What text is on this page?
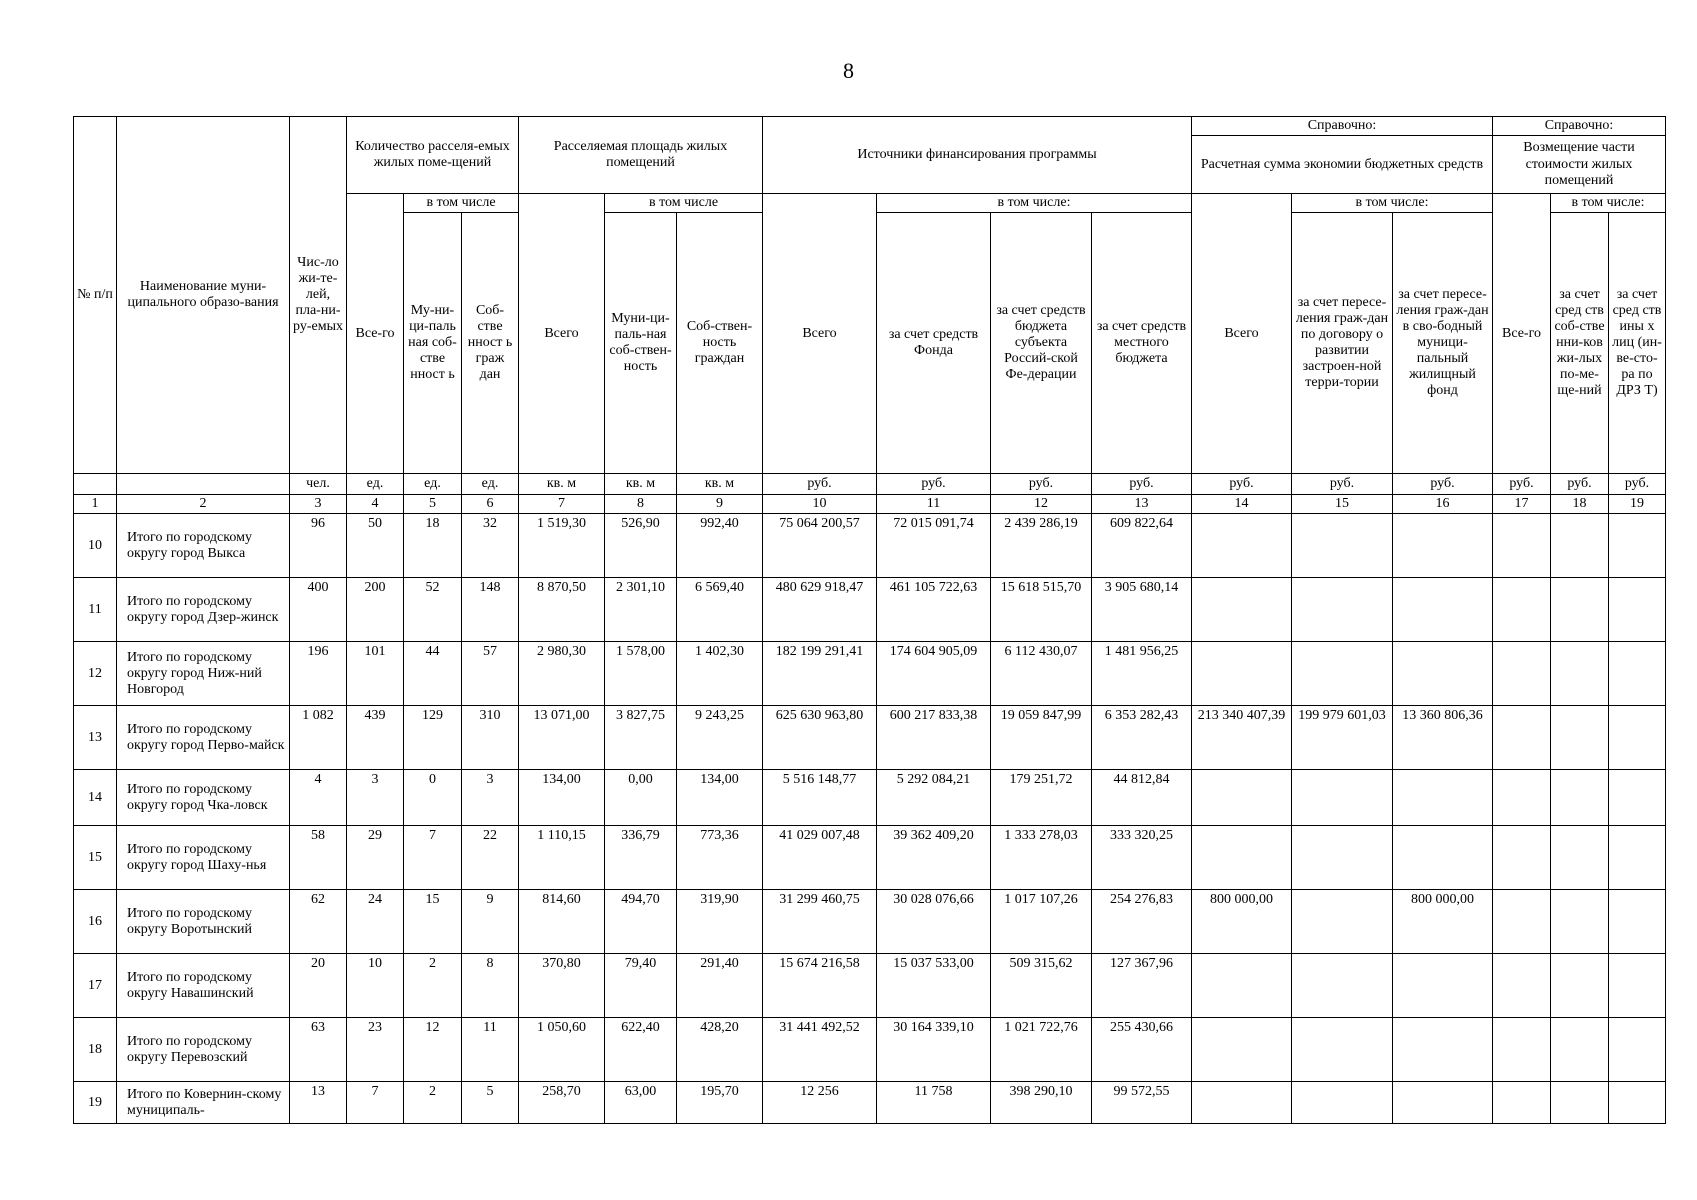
8
№ п/п	Наименование муни-ципального образо-вания	Чис-ло жи-те-лей, пла-ни-ру-емых	Количество расселя-емых жилых поме-щений			Расселяемая площадь жилых помещений			Источники финансирования программы				Справочно:			Справочно:		
													Расчетная сумма экономии бюджетных средств			Возмещение части стоимости жилых помещений		
			Все-го	в том числе		Всего	в том числе		Всего	в том числе:			Всего	в том числе:		Все-го	в том числе:	
				Му-ни-ци-паль ная соб-стве нност ь	Соб-стве нност ь граж дан		Муни-ци-паль-ная соб-ствен-ность	Соб-ствен-ность граждан		за счет средств Фонда	за счет средств бюджета субъекта Россий-ской Фе-дерации	за счет средств местного бюджета		за счет пересе-ления граж-дан по договору о развитии застроен-ной терри-тории	за счет пересе-ления граж-дан в сво-бодный муници-пальный жилищный фонд		за счет сред ств соб-стве нни-ков жи-лых по-ме-ще-ний	за счет сред ств ины х лиц (ин-ве-сто-ра по ДРЗ Т)
		чел.	ед.	ед.	ед.	кв. м	кв. м	кв. м	руб.	руб.	руб.	руб.	руб.	руб.	руб.	руб.	руб.	руб.
1	2	3	4	5	6	7	8	9	10	11	12	13	14	15	16	17	18	19
10	Итого по городскому округу город Выкса	96	50	18	32	1 519,30	526,90	992,40	75 064 200,57	72 015 091,74	2 439 286,19	609 822,64						
11	Итого по городскому округу город Дзер-жинск	400	200	52	148	8 870,50	2 301,10	6 569,40	480 629 918,47	461 105 722,63	15 618 515,70	3 905 680,14						
12	Итого по городскому округу город Ниж-ний Новгород	196	101	44	57	2 980,30	1 578,00	1 402,30	182 199 291,41	174 604 905,09	6 112 430,07	1 481 956,25						
13	Итого по городскому округу город Перво-майск	1 082	439	129	310	13 071,00	3 827,75	9 243,25	625 630 963,80	600 217 833,38	19 059 847,99	6 353 282,43	213 340 407,39	199 979 601,03	13 360 806,36			
14	Итого по городскому округу город Чка-ловск	4	3	0	3	134,00	0,00	134,00	5 516 148,77	5 292 084,21	179 251,72	44 812,84						
15	Итого по городскому округу город Шаху-нья	58	29	7	22	1 110,15	336,79	773,36	41 029 007,48	39 362 409,20	1 333 278,03	333 320,25						
16	Итого по городскому округу Воротынский	62	24	15	9	814,60	494,70	319,90	31 299 460,75	30 028 076,66	1 017 107,26	254 276,83	800 000,00		800 000,00			
17	Итого по городскому округу Навашинский	20	10	2	8	370,80	79,40	291,40	15 674 216,58	15 037 533,00	509 315,62	127 367,96						
18	Итого по городскому округу Перевозский	63	23	12	11	1 050,60	622,40	428,20	31 441 492,52	30 164 339,10	1 021 722,76	255 430,66						
19	Итого по Ковернин-скому муниципаль-	13	7	2	5	258,70	63,00	195,70	12 256	11 758	398 290,10	99 572,55						
